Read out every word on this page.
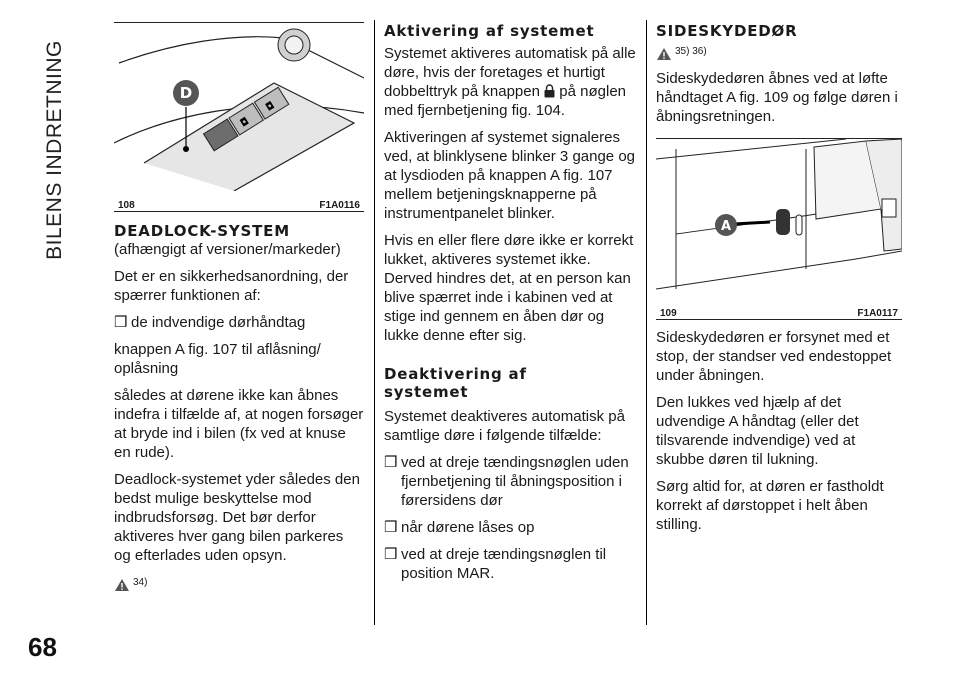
BILENS INDRETNING
68
◘
◘
D
108	F1A0116
DEADLOCK-SYSTEM

(afhængigt af versioner/markeder)

Det er en sikkerhedsanordning, der spærrer funktionen af:

❒ de indvendige dørhåndtag

knappen A fig. 107 til aflåsning/ oplåsning

således at dørene ikke kan åbnes indefra i tilfælde af, at nogen forsøger at bryde ind i bilen (fx ved at knuse en rude).

Deadlock-systemet yder således den bedst mulige beskyttelse mod indbrudsforsøg. Det bør derfor aktiveres hver gang bilen parkeres og efterlades uden opsyn.

34)
Aktivering af systemet

Systemet aktiveres automatisk på alle døre, hvis der foretages et hurtigt dobbelttryk på knappen på nøglen med fjernbetjening fig. 104.

Aktiveringen af systemet signaleres ved, at blinklysene blinker 3 gange og at lysdioden på knappen A fig. 107 mellem betjeningsknapperne på instrumentpanelet blinker.

Hvis en eller flere døre ikke er korrekt lukket, aktiveres systemet ikke. Derved hindres det, at en person kan blive spærret inde i kabinen ved at stige ind gennem en åben dør og lukke denne efter sig.

Deaktivering af
systemet

Systemet deaktiveres automatisk på samtlige døre i følgende tilfælde:

❒ ved at dreje tændingsnøglen uden fjernbetjening til åbningsposition i førersidens dør
❒ når dørene låses op
❒ ved at dreje tændingsnøglen til position MAR.
SIDESKYDEDØR
35) 36)

Sideskydedøren åbnes ved at løfte håndtaget A fig. 109 og følge døren i åbningsretningen.

A
109	F1A0117

Sideskydedøren er forsynet med et stop, der standser ved endestoppet under åbningen.

Den lukkes ved hjælp af det udvendige A håndtag (eller det tilsvarende indvendige) ved at skubbe døren til lukning.

Sørg altid for, at døren er fastholdt korrekt af dørstoppet i helt åben stilling.
